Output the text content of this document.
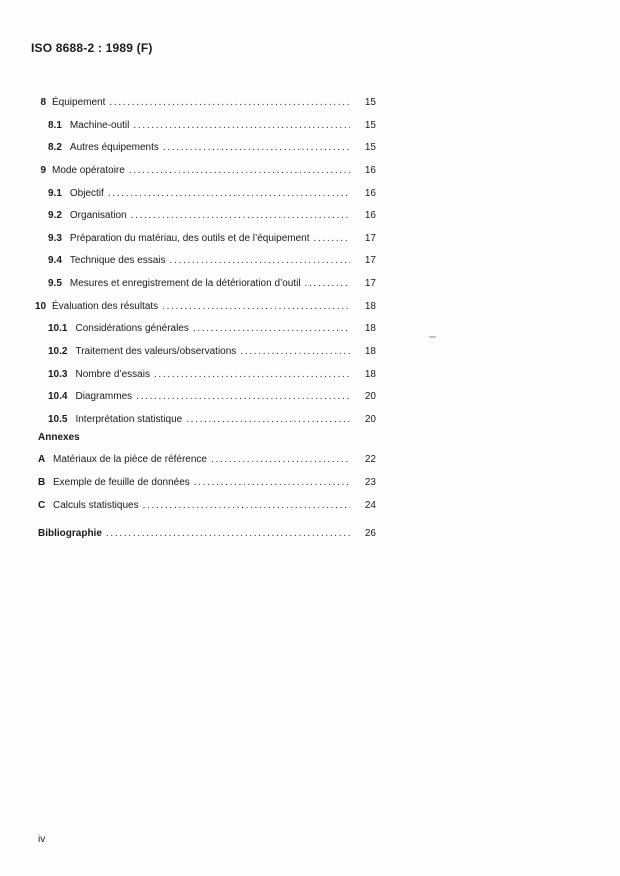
ISO 8688-2 : 1989 (F)
8 Équipement .....	15
8.1 Machine-outil .....	15
8.2 Autres équipements .....	15
9 Mode opératoire .....	16
9.1 Objectif .....	16
9.2 Organisation .....	16
9.3 Préparation du matériau, des outils et de l’équipement .....	17
9.4 Technique des essais .....	17
9.5 Mesures et enregistrement de la détérioration d’outil .....	17
10 Évaluation des résultats .....	18
10.1 Considérations générales .....	18
10.2 Traitement des valeurs/observations .....	18
10.3 Nombre d’essais .....	18
10.4 Diagrammes .....	20
10.5 Interprétation statistique .....	20
Annexes
A Matériaux de la pièce de référence .....	22
B Exemple de feuille de données .....	23
C Calculs statistiques .....	24
Bibliographie .....	26
iv
